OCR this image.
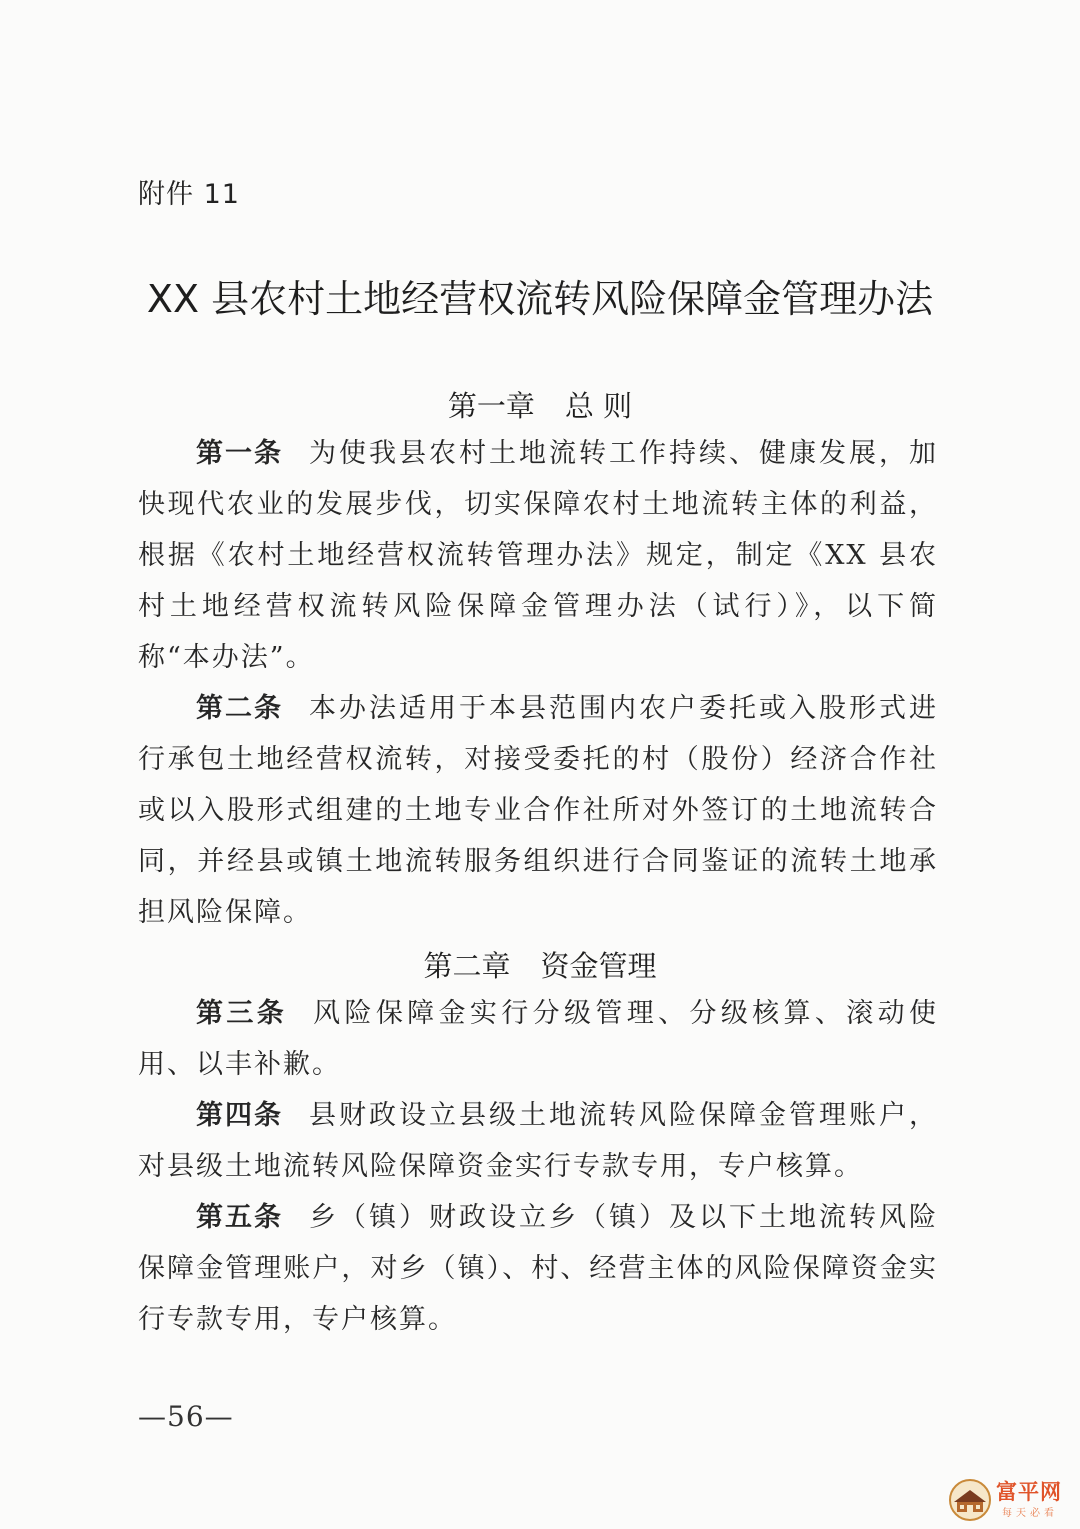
附件 11
XX 县农村土地经营权流转风险保障金管理办法
第一章 总 则

第一条 为使我县农村土地流转工作持续、健康发展，加快现代农业的发展步伐，切实保障农村土地流转主体的利益，根据《农村土地经营权流转管理办法》规定，制定《XX 县农村土地经营权流转风险保障金管理办法（试行）》，以下简称“本办法”。

第二条 本办法适用于本县范围内农户委托或入股形式进行承包土地经营权流转，对接受委托的村（股份）经济合作社或以入股形式组建的土地专业合作社所对外签订的土地流转合同，并经县或镇土地流转服务组织进行合同鉴证的流转土地承担风险保障。

第二章 资金管理

第三条 风险保障金实行分级管理、分级核算、滚动使用、以丰补歉。

第四条 县财政设立县级土地流转风险保障金管理账户，对县级土地流转风险保障资金实行专款专用，专户核算。

第五条 乡（镇）财政设立乡（镇）及以下土地流转风险保障金管理账户，对乡（镇）、村、经营主体的风险保障资金实行专款专用，专户核算。

—56—
富平网
每天必看
